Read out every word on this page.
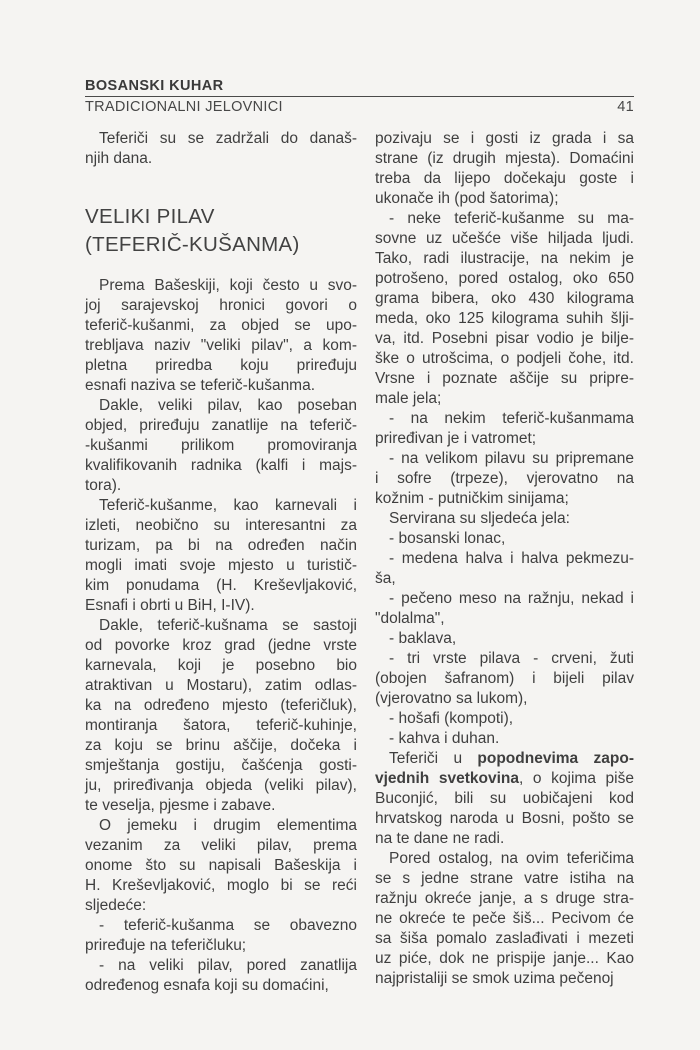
BOSANSKI KUHAR
TRADICIONALNI JELOVNICI	41
Teferiči su se zadržali do današ-
njih dana.
VELIKI PILAV
(TEFERIČ-KUŠANMA)
Prema Bašeskiji, koji često u svo-
joj sarajevskoj hronici govori o
teferič-kušanmi, za objed se upo-
trebljava naziv "veliki pilav", a kom-
pletna priredba koju priređuju
esnafi naziva se teferič-kušanma.
Dakle, veliki pilav, kao poseban
objed, priređuju zanatlije na teferič-
-kušanmi prilikom promoviranja
kvalifikovanih radnika (kalfi i majs-
tora).
Teferič-kušanme, kao karnevali i
izleti, neobično su interesantni za
turizam, pa bi na određen način
mogli imati svoje mjesto u turistič-
kim ponudama (H. Kreševljaković,
Esnafi i obrti u BiH, I-IV).
Dakle, teferič-kušnama se sastoji
od povorke kroz grad (jedne vrste
karnevala, koji je posebno bio
atraktivan u Mostaru), zatim odlas-
ka na određeno mjesto (teferičluk),
montiranja šatora, teferič-kuhinje,
za koju se brinu aščije, dočeka i
smještanja gostiju, čašćenja gosti-
ju, priređivanja objeda (veliki pilav),
te veselja, pjesme i zabave.
O jemeku i drugim elementima
vezanim za veliki pilav, prema
onome što su napisali Bašeskija i
H. Kreševljaković, moglo bi se reći
sljedeće:
- teferič-kušanma se obavezno
priređuje na teferičluku;
- na veliki pilav, pored zanatlija
određenog esnafa koji su domaćini,
pozivaju se i gosti iz grada i sa
strane (iz drugih mjesta). Domaćini
treba da lijepo dočekaju goste i
ukonače ih (pod šatorima);
- neke teferič-kušanme su ma-
sovne uz učešće više hiljada ljudi.
Tako, radi ilustracije, na nekim je
potrošeno, pored ostalog, oko 650
grama bibera, oko 430 kilograma
meda, oko 125 kilograma suhih šlji-
va, itd. Posebni pisar vodio je bilje-
ške o utrošcima, o podjeli čohe, itd.
Vrsne i poznate aščije su pripre-
male jela;
- na nekim teferič-kušanmama
priređivan je i vatromet;
- na velikom pilavu su pripremane
i sofre (trpeze), vjerovatno na
kožnim - putničkim sinijama;
Servirana su sljedeća jela:
- bosanski lonac,
- medena halva i halva pekmezu-
ša,
- pečeno meso na ražnju, nekad i
"dolalma",
- baklava,
- tri vrste pilava - crveni, žuti
(obojen šafranom) i bijeli pilav
(vjerovatno sa lukom),
- hošafi (kompoti),
- kahva i duhan.
Teferiči u popodnevima zapo-
vjednih svetkovina, o kojima piše
Buconjić, bili su uobičajeni kod
hrvatskog naroda u Bosni, pošto se
na te dane ne radi.
Pored ostalog, na ovim teferičima
se s jedne strane vatre istiha na
ražnju okreće janje, a s druge stra-
ne okreće te peče šiš... Pecivom će
sa šiša pomalo zaslađivati i mezeti
uz piće, dok ne prispije janje... Kao
najpristaliji se smok uzima pečenoj
